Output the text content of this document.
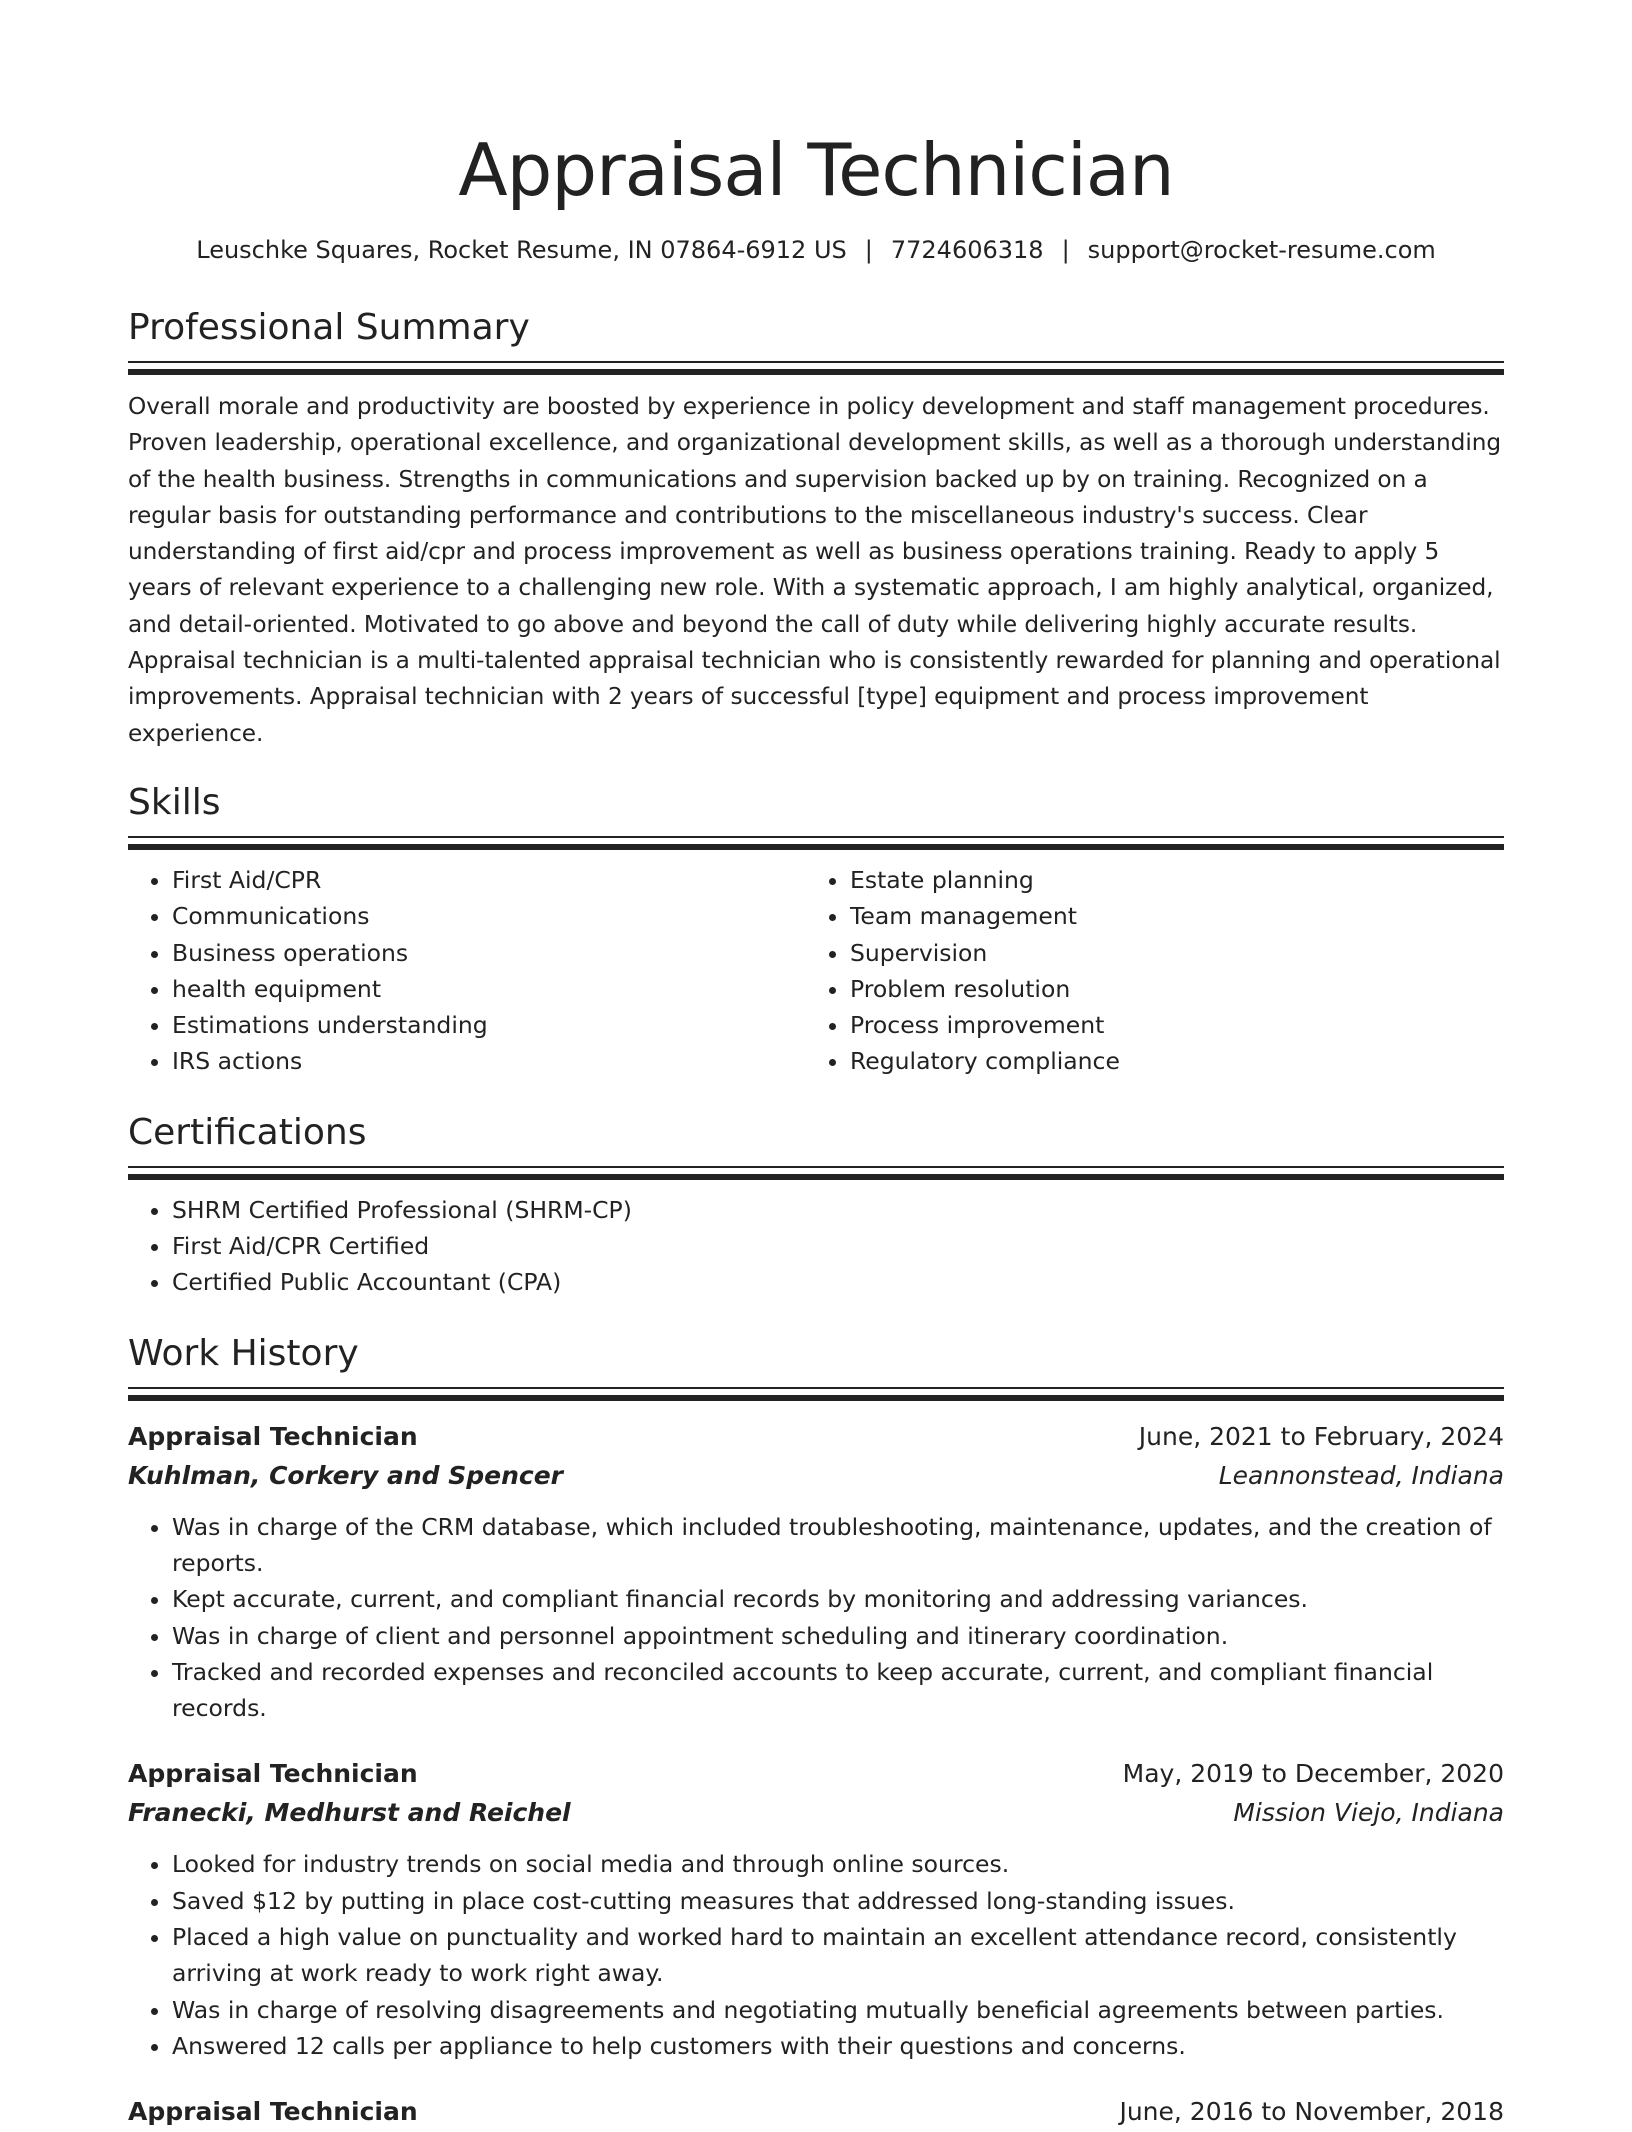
Appraisal Technician
Leuschke Squares, Rocket Resume, IN 07864-6912 US | 7724606318 | support@rocket-resume.com
Professional Summary

Overall morale and productivity are boosted by experience in policy development and staff management procedures. Proven leadership, operational excellence, and organizational development skills, as well as a thorough understanding of the health business. Strengths in communications and supervision backed up by on training. Recognized on a regular basis for outstanding performance and contributions to the miscellaneous industry's success. Clear understanding of first aid/cpr and process improvement as well as business operations training. Ready to apply 5 years of relevant experience to a challenging new role. With a systematic approach, I am highly analytical, organized, and detail-oriented. Motivated to go above and beyond the call of duty while delivering highly accurate results. Appraisal technician is a multi-talented appraisal technician who is consistently rewarded for planning and operational improvements. Appraisal technician with 2 years of successful [type] equipment and process improvement experience.

Skills
• First Aid/CPR
• Communications
• Business operations
• health equipment
• Estimations understanding
• IRS actions
• Estate planning
• Team management
• Supervision
• Problem resolution
• Process improvement
• Regulatory compliance
Certifications
• SHRM Certified Professional (SHRM-CP)
• First Aid/CPR Certified
• Certified Public Accountant (CPA)
Work History
Appraisal Technician	June, 2021 to February, 2024
Kuhlman, Corkery and Spencer	Leannonstead, Indiana
• Was in charge of the CRM database, which included troubleshooting, maintenance, updates, and the creation of reports.
• Kept accurate, current, and compliant financial records by monitoring and addressing variances.
• Was in charge of client and personnel appointment scheduling and itinerary coordination.
• Tracked and recorded expenses and reconciled accounts to keep accurate, current, and compliant financial records.
Appraisal Technician	May, 2019 to December, 2020
Franecki, Medhurst and Reichel	Mission Viejo, Indiana
• Looked for industry trends on social media and through online sources.
• Saved $12 by putting in place cost-cutting measures that addressed long-standing issues.
• Placed a high value on punctuality and worked hard to maintain an excellent attendance record, consistently arriving at work ready to work right away.
• Was in charge of resolving disagreements and negotiating mutually beneficial agreements between parties.
• Answered 12 calls per appliance to help customers with their questions and concerns.
Appraisal Technician	June, 2016 to November, 2018
